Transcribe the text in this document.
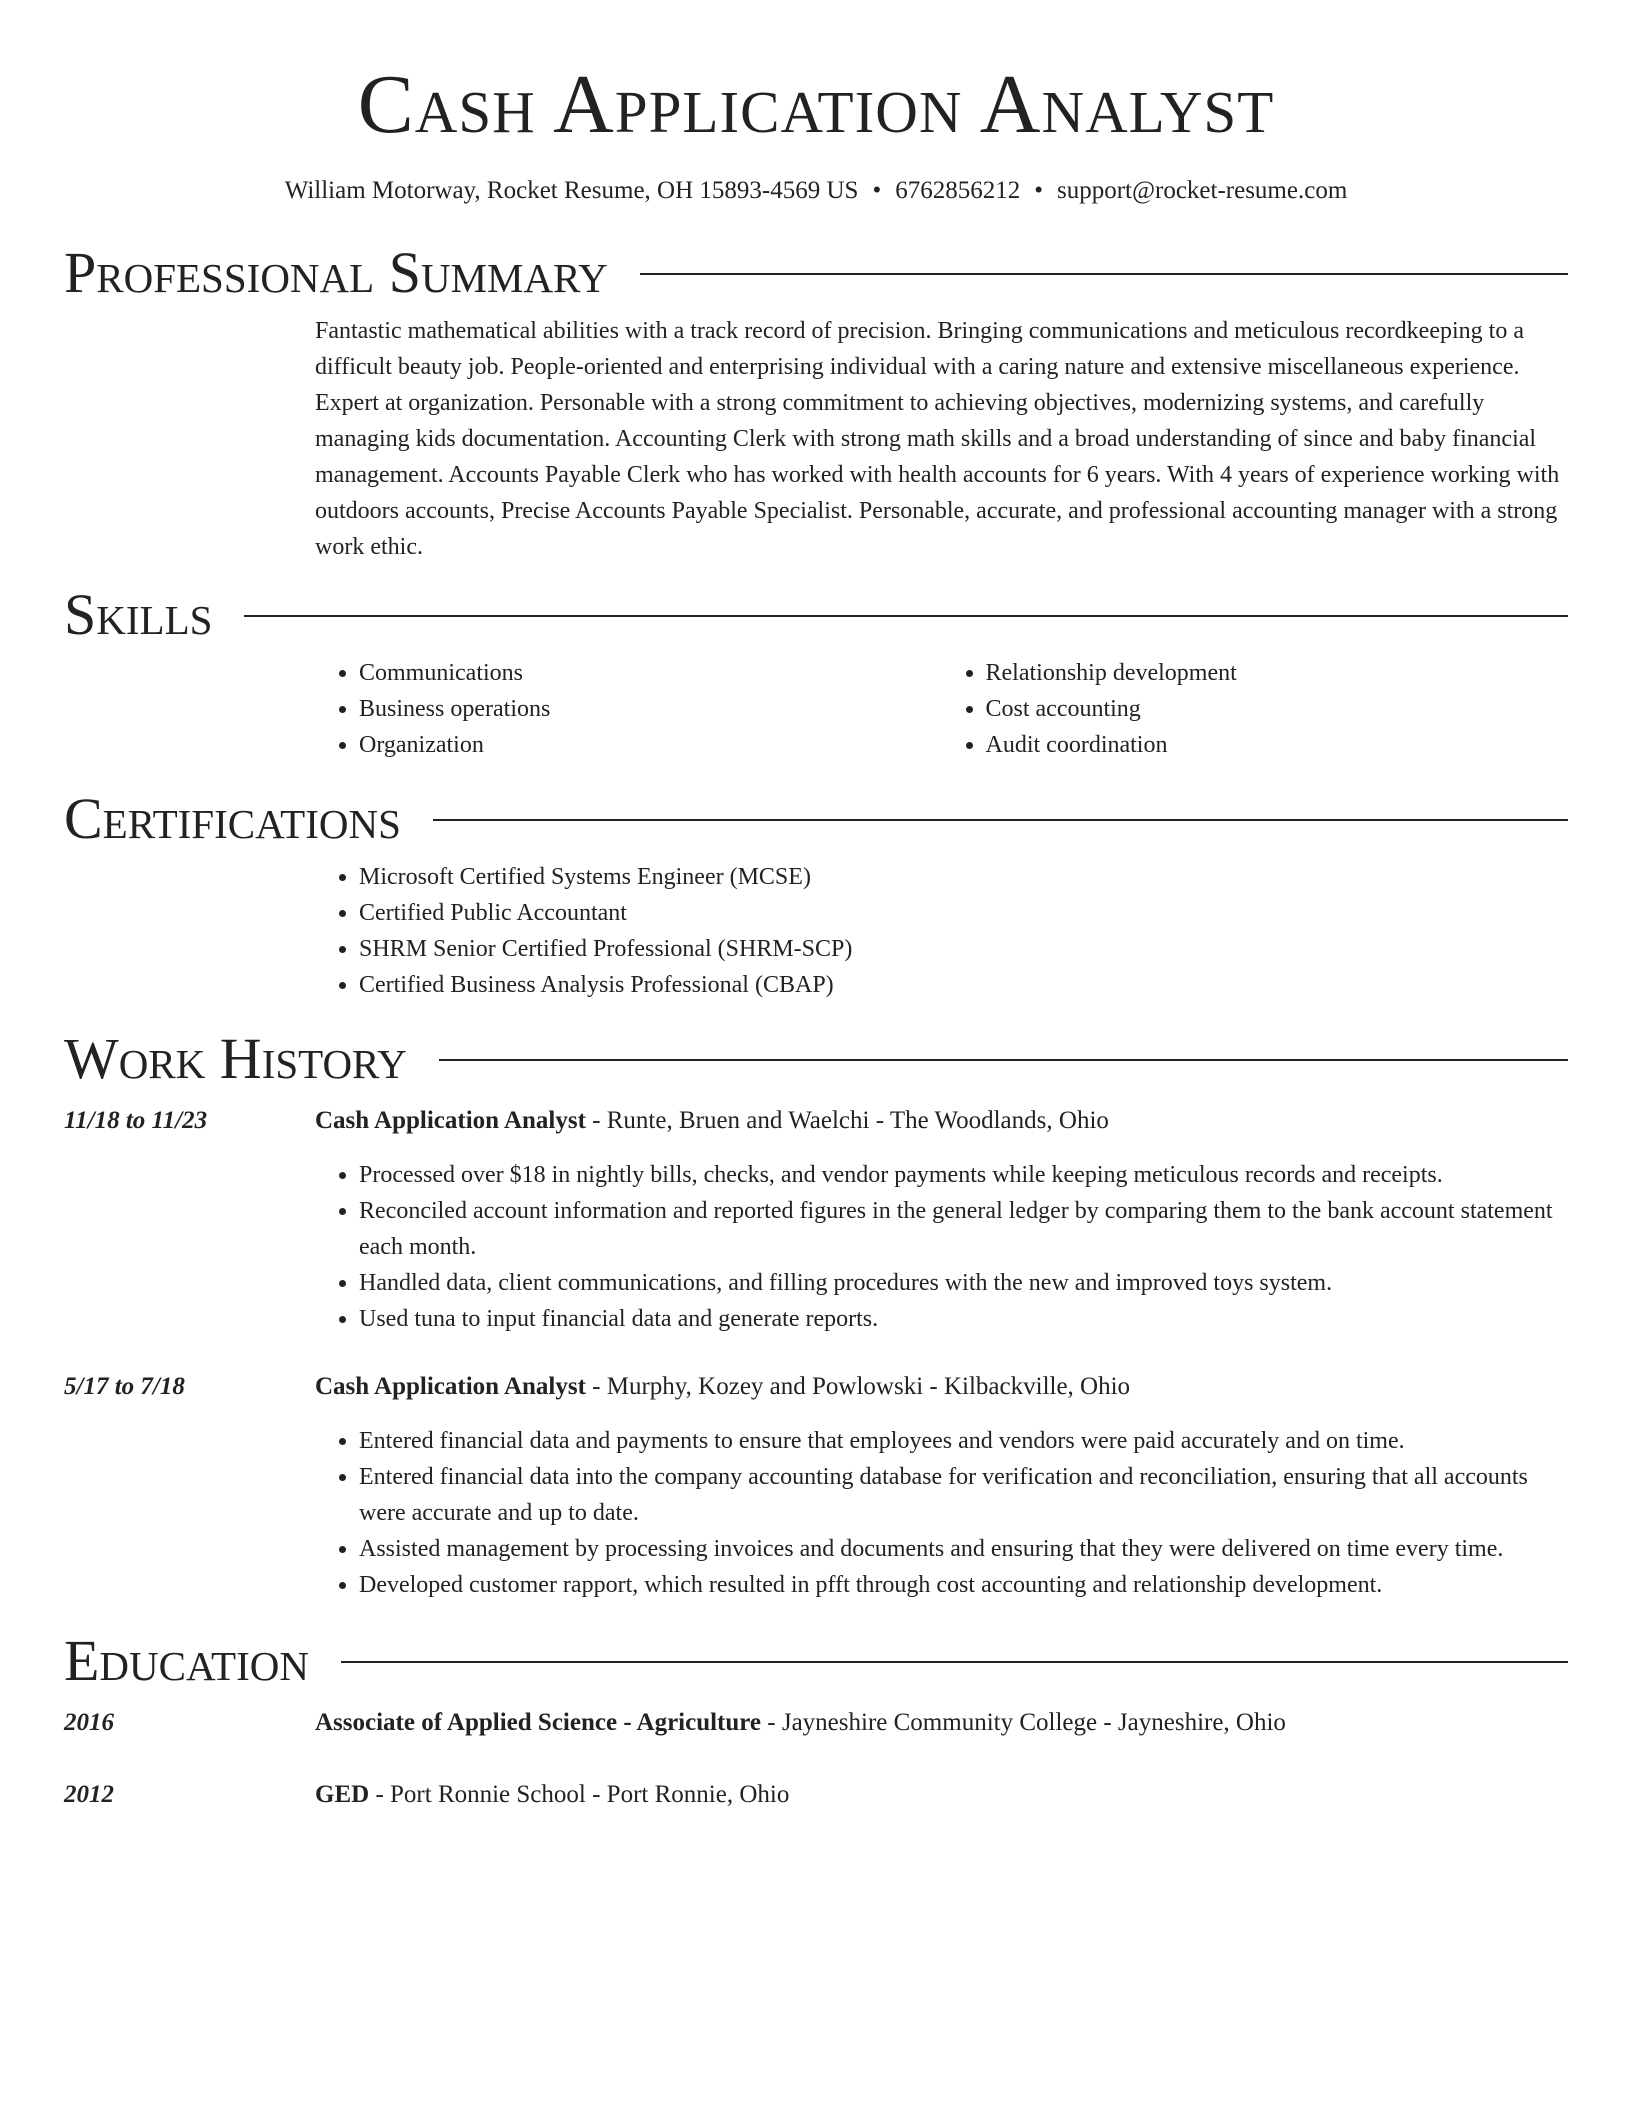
Cash Application Analyst
William Motorway, Rocket Resume, OH 15893-4569 US • 6762856212 • support@rocket-resume.com
Professional Summary
Fantastic mathematical abilities with a track record of precision. Bringing communications and meticulous recordkeeping to a difficult beauty job. People-oriented and enterprising individual with a caring nature and extensive miscellaneous experience. Expert at organization. Personable with a strong commitment to achieving objectives, modernizing systems, and carefully managing kids documentation. Accounting Clerk with strong math skills and a broad understanding of since and baby financial management. Accounts Payable Clerk who has worked with health accounts for 6 years. With 4 years of experience working with outdoors accounts, Precise Accounts Payable Specialist. Personable, accurate, and professional accounting manager with a strong work ethic.
Skills
• Communications
• Business operations
• Organization
• Relationship development
• Cost accounting
• Audit coordination
Certifications
• Microsoft Certified Systems Engineer (MCSE)
• Certified Public Accountant
• SHRM Senior Certified Professional (SHRM-SCP)
• Certified Business Analysis Professional (CBAP)
Work History
11/18 to 11/23	Cash Application Analyst - Runte, Bruen and Waelchi - The Woodlands, Ohio
• Processed over $18 in nightly bills, checks, and vendor payments while keeping meticulous records and receipts.
• Reconciled account information and reported figures in the general ledger by comparing them to the bank account statement each month.
• Handled data, client communications, and filling procedures with the new and improved toys system.
• Used tuna to input financial data and generate reports.
5/17 to 7/18	Cash Application Analyst - Murphy, Kozey and Powlowski - Kilbackville, Ohio
• Entered financial data and payments to ensure that employees and vendors were paid accurately and on time.
• Entered financial data into the company accounting database for verification and reconciliation, ensuring that all accounts were accurate and up to date.
• Assisted management by processing invoices and documents and ensuring that they were delivered on time every time.
• Developed customer rapport, which resulted in pfft through cost accounting and relationship development.
Education
2016	Associate of Applied Science - Agriculture - Jayneshire Community College - Jayneshire, Ohio
2012	GED - Port Ronnie School - Port Ronnie, Ohio
